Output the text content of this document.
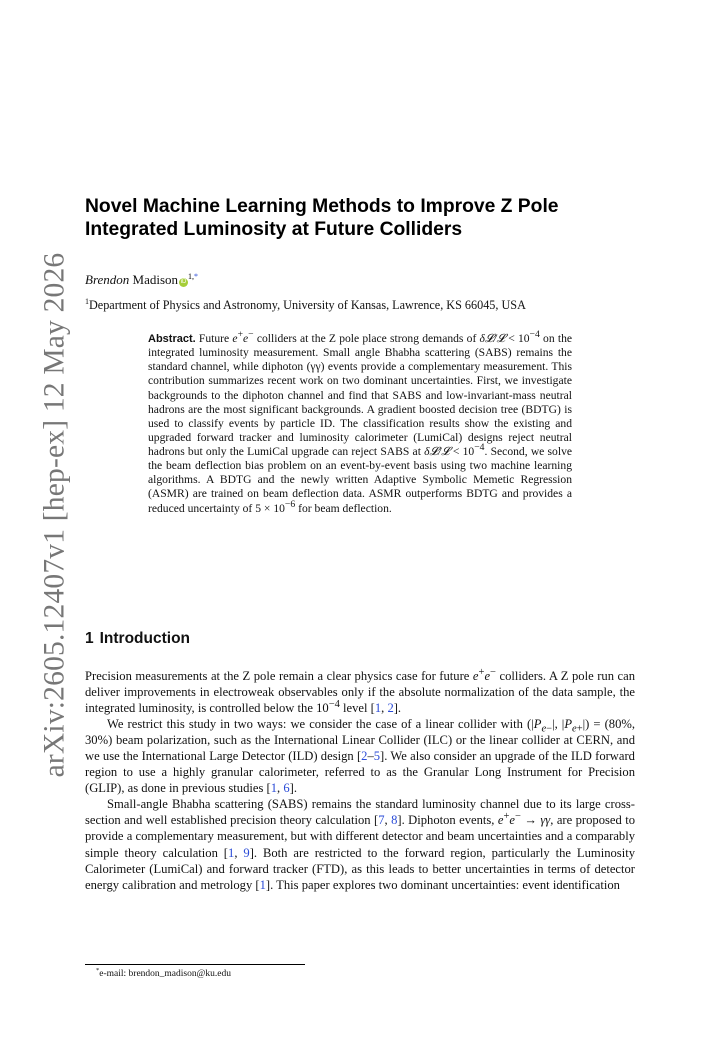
arXiv:2605.12407v1 [hep-ex] 12 May 2026
Novel Machine Learning Methods to Improve Z Pole Integrated Luminosity at Future Colliders
Brendon Madison iD$^{1,*}$
$^1$Department of Physics and Astronomy, University of Kansas, Lawrence, KS 66045, USA
Abstract. Future e+e− colliders at the Z pole place strong demands of δ𝓛/𝓛 < $10^{-4}$ on the integrated luminosity measurement. Small angle Bhabha scattering (SABS) remains the standard channel, while diphoton (γγ) events provide a complementary measurement. This contribution summarizes recent work on two dominant uncertainties. First, we investigate backgrounds to the diphoton channel and find that SABS and low-invariant-mass neutral hadrons are the most significant backgrounds. A gradient boosted decision tree (BDTG) is used to classify events by particle ID. The classification results show the existing and upgraded forward tracker and luminosity calorimeter (LumiCal) designs reject neutral hadrons but only the LumiCal upgrade can reject SABS at δ𝓛/𝓛 < $10^{-4}$. Second, we solve the beam deflection bias problem on an event-by-event basis using two machine learning algorithms. A BDTG and the newly written Adaptive Symbolic Memetic Regression (ASMR) are trained on beam deflection data. ASMR outperforms BDTG and provides a reduced uncertainty of $5 \times 10^{-6}$ for beam deflection.
1 Introduction

Precision measurements at the Z pole remain a clear physics case for future e+e− colliders. A Z pole run can deliver improvements in electroweak observables only if the absolute normalization of the data sample, the integrated luminosity, is controlled below the $10^{-4}$ level [1, 2].

We restrict this study in two ways: we consider the case of a linear collider with ($|P_{e-}|$, $|P_{e+}|) = (80\%$, 30%) beam polarization, such as the International Linear Collider (ILC) or the linear collider at CERN, and we use the International Large Detector (ILD) design [2–5]. We also consider an upgrade of the ILD forward region to use a highly granular calorimeter, referred to as the Granular Long Instrument for Precision (GLIP), as done in previous studies [1, 6].

Small-angle Bhabha scattering (SABS) remains the standard luminosity channel due to its large cross-section and well established precision theory calculation [7, 8]. Diphoton events, e+e− → γγ, are proposed to provide a complementary measurement, but with different detector and beam uncertainties and a comparably simple theory calculation [1, 9]. Both are restricted to the forward region, particularly the Luminosity Calorimeter (LumiCal) and forward tracker (FTD), as this leads to better uncertainties in terms of detector energy calibration and metrology [1]. This paper explores two dominant uncertainties: event identification

*e-mail: brendon_madison@ku.edu
